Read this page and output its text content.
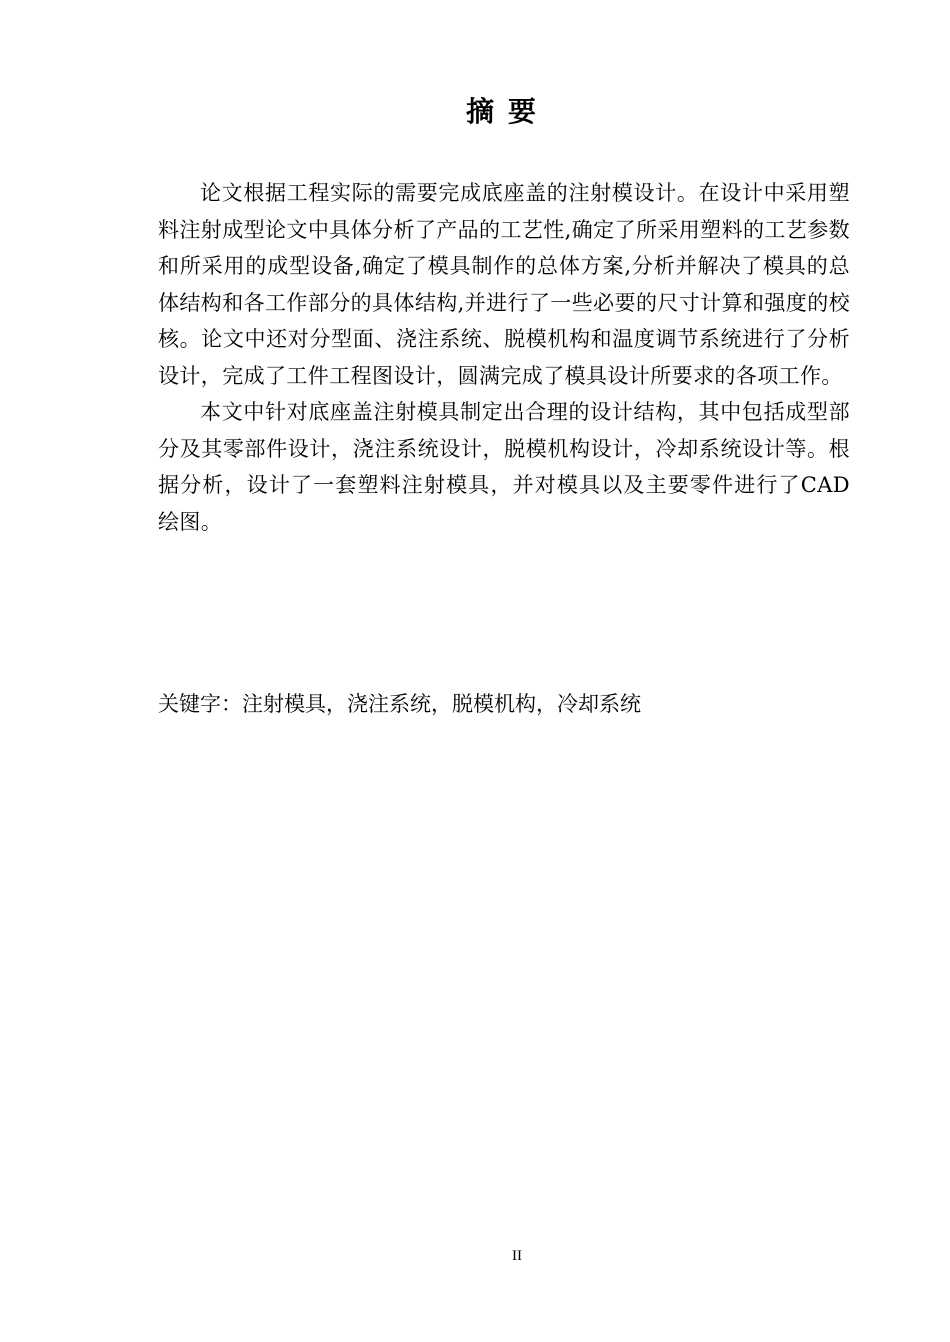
摘 要

论文根据工程实际的需要完成底座盖的注射模设计。在设计中采用塑料注射成型论文中具体分析了产品的工艺性,确定了所采用塑料的工艺参数和所采用的成型设备,确定了模具制作的总体方案,分析并解决了模具的总体结构和各工作部分的具体结构,并进行了一些必要的尺寸计算和强度的校核。论文中还对分型面、浇注系统、脱模机构和温度调节系统进行了分析设计，完成了工件工程图设计，圆满完成了模具设计所要求的各项工作。

本文中针对底座盖注射模具制定出合理的设计结构，其中包括成型部分及其零部件设计，浇注系统设计，脱模机构设计，冷却系统设计等。根据分析，设计了一套塑料注射模具，并对模具以及主要零件进行了CAD 绘图。

关键字：注射模具，浇注系统，脱模机构，冷却系统

II
